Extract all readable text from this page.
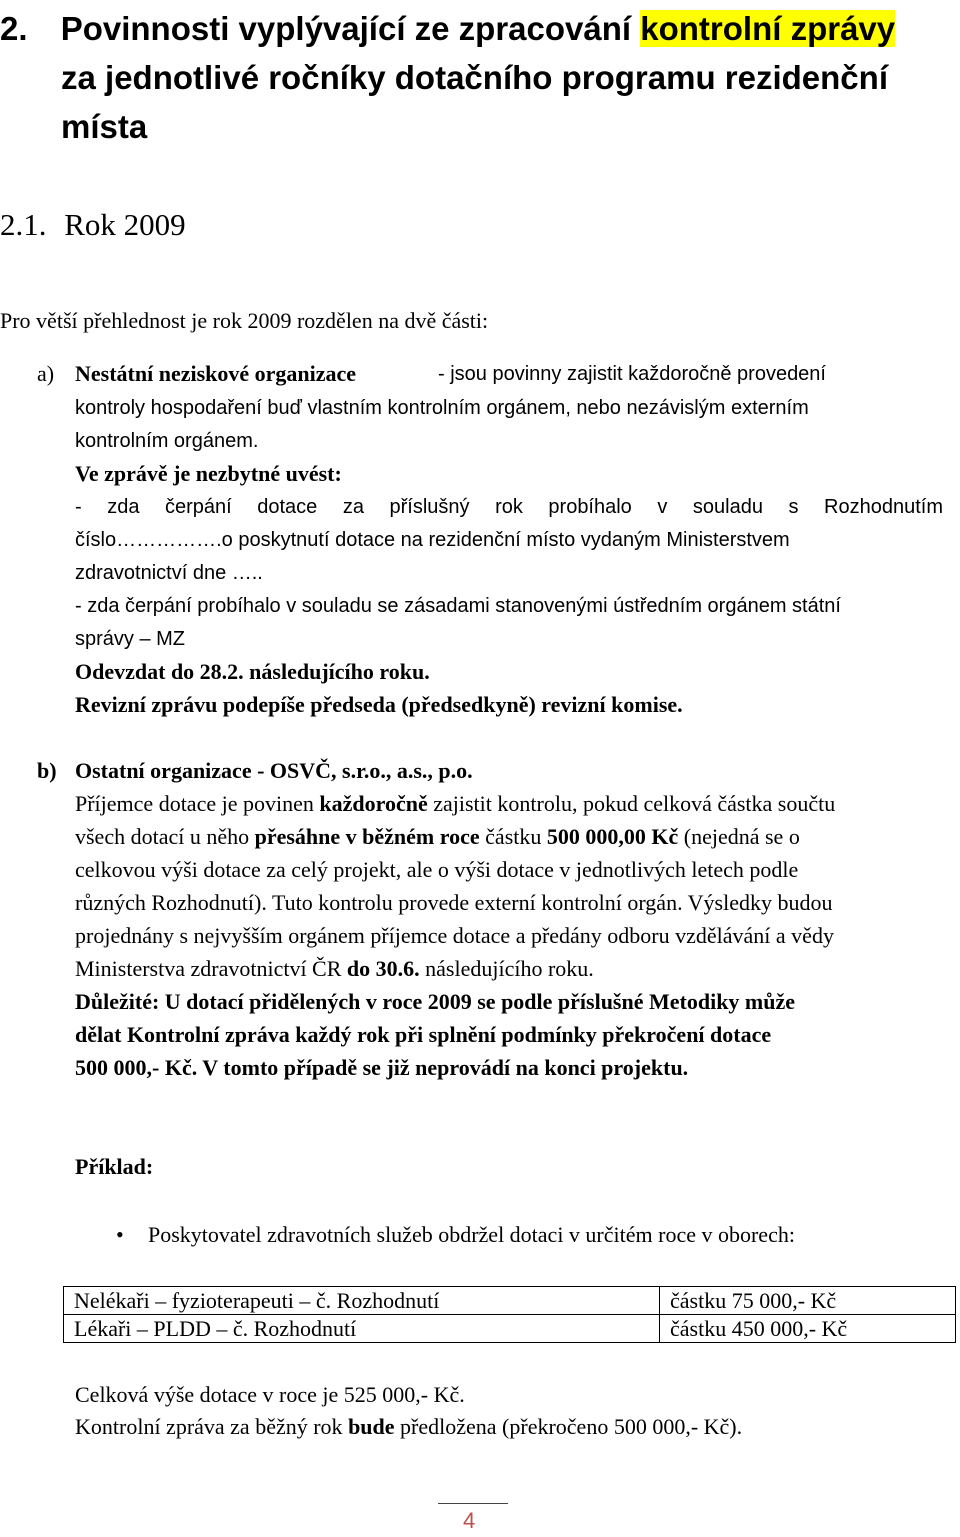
2. Povinnosti vyplývající ze zpracování kontrolní zprávy
za jednotlivé ročníky dotačního programu rezidenční
místa
2.1. Rok 2009
Pro větší přehlednost je rok 2009 rozdělen na dvě části:
a) Nestátní neziskové organizace	- jsou povinny zajistit každoročně provedení
kontroly hospodaření buď vlastním kontrolním orgánem, nebo nezávislým externím
kontrolním orgánem.
Ve zprávě je nezbytné uvést:
- zda čerpání dotace za příslušný rok probíhalo v souladu s Rozhodnutím
číslo…………….o poskytnutí dotace na rezidenční místo vydaným Ministerstvem
zdravotnictví dne …..
- zda čerpání probíhalo v souladu se zásadami stanovenými ústředním orgánem státní
správy – MZ
Odevzdat do 28.2. následujícího roku.
Revizní zprávu podepíše předseda (předsedkyně) revizní komise.
b) Ostatní organizace - OSVČ, s.r.o., a.s., p.o.
Příjemce dotace je povinen každoročně zajistit kontrolu, pokud celková částka součtu
všech dotací u něho přesáhne v běžném roce částku 500 000,00 Kč (nejedná se o
celkovou výši dotace za celý projekt, ale o výši dotace v jednotlivých letech podle
různých Rozhodnutí). Tuto kontrolu provede externí kontrolní orgán. Výsledky budou
projednány s nejvyšším orgánem příjemce dotace a předány odboru vzdělávání a vědy
Ministerstva zdravotnictví ČR do 30.6. následujícího roku.
Důležité: U dotací přidělených v roce 2009 se podle příslušné Metodiky může
dělat Kontrolní zpráva každý rok při splnění podmínky překročení dotace
500 000,- Kč. V tomto případě se již neprovádí na konci projektu.
Příklad:
• Poskytovatel zdravotních služeb obdržel dotaci v určitém roce v oborech:
Nelékaři – fyzioterapeuti – č. Rozhodnutí	částku 75 000,- Kč
Lékaři – PLDD – č. Rozhodnutí	částku 450 000,- Kč
Celková výše dotace v roce je 525 000,- Kč.
Kontrolní zpráva za běžný rok bude předložena (překročeno 500 000,- Kč).
4
